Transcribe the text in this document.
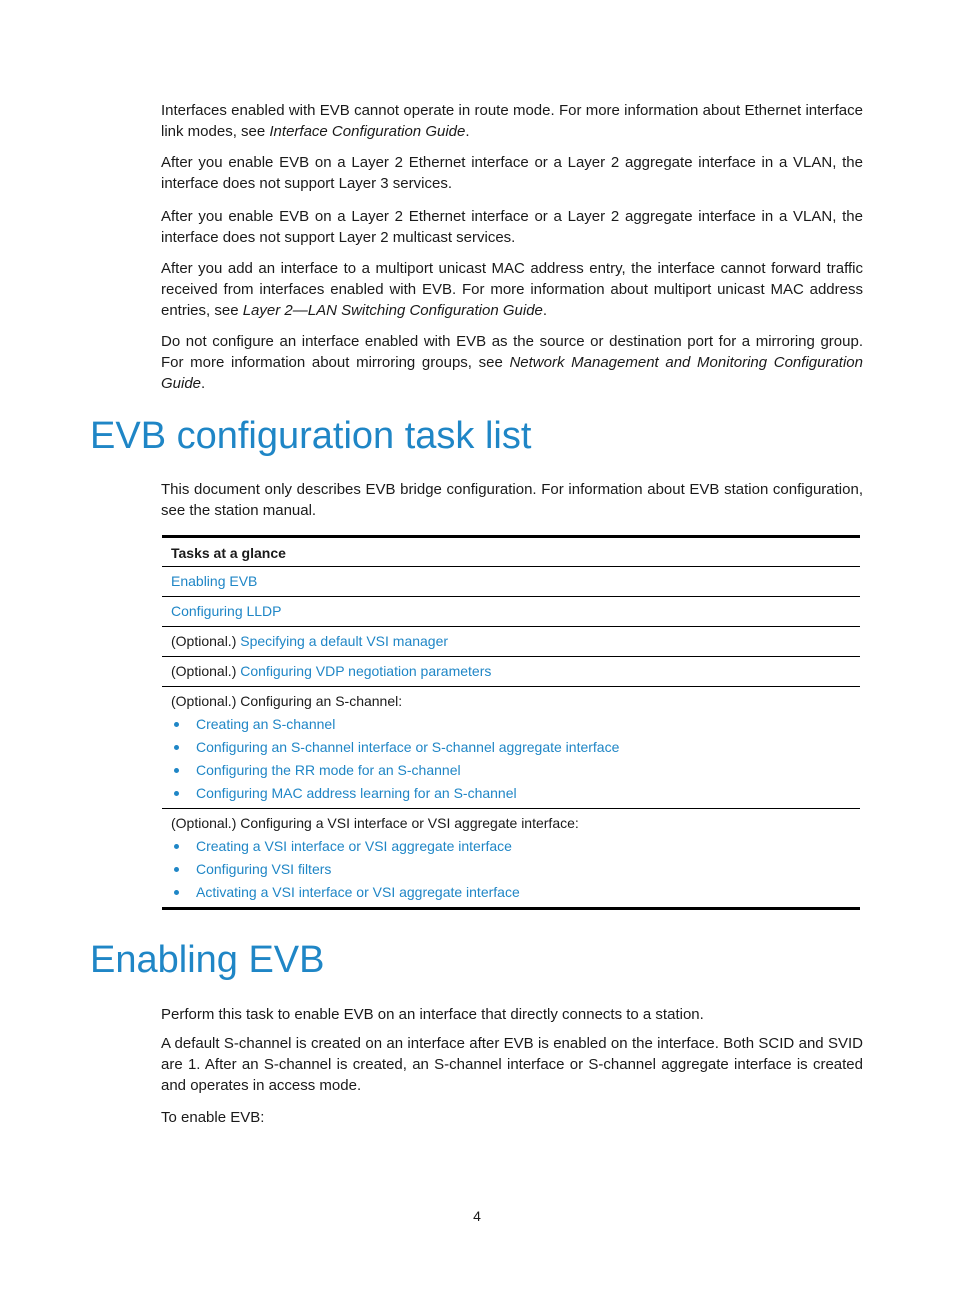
Interfaces enabled with EVB cannot operate in route mode. For more information about Ethernet interface link modes, see Interface Configuration Guide.

After you enable EVB on a Layer 2 Ethernet interface or a Layer 2 aggregate interface in a VLAN, the interface does not support Layer 3 services.

After you enable EVB on a Layer 2 Ethernet interface or a Layer 2 aggregate interface in a VLAN, the interface does not support Layer 2 multicast services.

After you add an interface to a multiport unicast MAC address entry, the interface cannot forward traffic received from interfaces enabled with EVB. For more information about multiport unicast MAC address entries, see Layer 2—LAN Switching Configuration Guide.

Do not configure an interface enabled with EVB as the source or destination port for a mirroring group. For more information about mirroring groups, see Network Management and Monitoring Configuration Guide.

EVB configuration task list

This document only describes EVB bridge configuration. For information about EVB station configuration, see the station manual.

Tasks at a glance
Enabling EVB
Configuring LLDP
(Optional.) Specifying a default VSI manager
(Optional.) Configuring VDP negotiation parameters
(Optional.) Configuring an S-channel:
Creating an S-channel
Configuring an S-channel interface or S-channel aggregate interface
Configuring the RR mode for an S-channel
Configuring MAC address learning for an S-channel
(Optional.) Configuring a VSI interface or VSI aggregate interface:
Creating a VSI interface or VSI aggregate interface
Configuring VSI filters
Activating a VSI interface or VSI aggregate interface
Enabling EVB

Perform this task to enable EVB on an interface that directly connects to a station.

A default S-channel is created on an interface after EVB is enabled on the interface. Both SCID and SVID are 1. After an S-channel is created, an S-channel interface or S-channel aggregate interface is created and operates in access mode.

To enable EVB:

4
